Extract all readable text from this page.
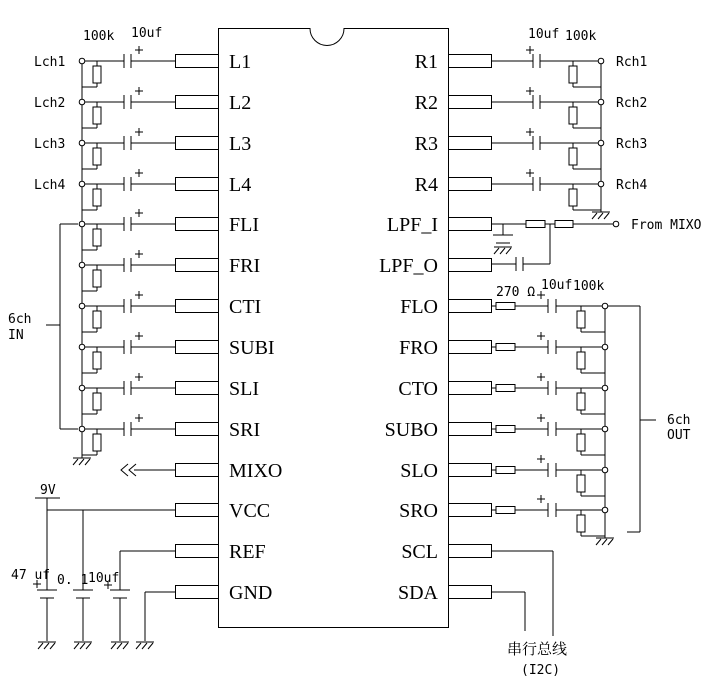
L1
L2
L3
L4
FLI
FRI
CTI
SUBI
SLI
SRI
MIXO
VCC
REF
GND
R1
R2
R3
R4
LPF_I
LPF_O
FLO
FRO
CTO
SUBO
SLO
SRO
SCL
SDA
100k 10uf
Lch1
Lch2
Lch3
Lch4
6ch
IN
10uf 100k
Rch1
Rch2
Rch3
Rch4
From MIXO
270 Ω 10uf 100k
6ch
OUT
9V
47 uf 0. 1 10uf
串行总线
(I2C)
